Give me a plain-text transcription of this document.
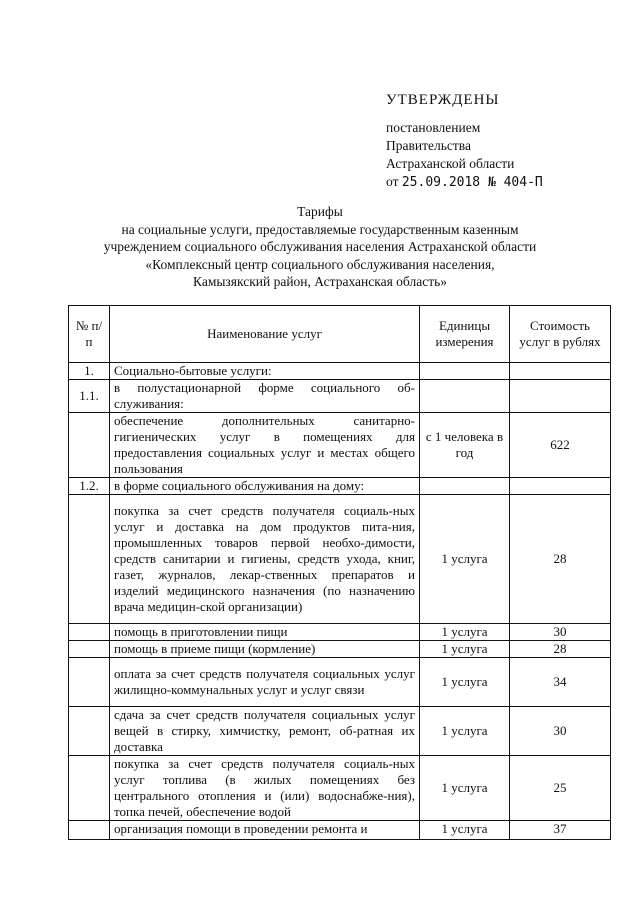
УТВЕРЖДЕНЫ
постановлением
Правительства
Астраханской области
от 25.09.2018 № 404-П
Тарифы
на социальные услуги, предоставляемые государственным казенным
учреждением социального обслуживания населения Астраханской области
«Комплексный центр социального обслуживания населения,
Камызякский район, Астраханская область»
№ п/п	Наименование услуг	Единицы измерения	Стоимость услуг в рублях
1.	Социально-бытовые услуги:		
1.1.	в полустационарной форме социального об-служивания:		
	обеспечение дополнительных санитарно-гигиенических услуг в помещениях для предоставления социальных услуг и местах общего пользования	с 1 человека в год	622
1.2.	в форме социального обслуживания на дому:		
	покупка за счет средств получателя социаль-ных услуг и доставка на дом продуктов пита-ния, промышленных товаров первой необхо-димости, средств санитарии и гигиены, средств ухода, книг, газет, журналов, лекар-ственных препаратов и изделий медицинского назначения (по назначению врача медицин-ской организации)	1 услуга	28
	помощь в приготовлении пищи	1 услуга	30
	помощь в приеме пищи (кормление)	1 услуга	28
	оплата за счет средств получателя социальных услуг жилищно-коммунальных услуг и услуг связи	1 услуга	34
	сдача за счет средств получателя социальных услуг вещей в стирку, химчистку, ремонт, об-ратная их доставка	1 услуга	30
	покупка за счет средств получателя социаль-ных услуг топлива (в жилых помещениях без центрального отопления и (или) водоснабже-ния), топка печей, обеспечение водой	1 услуга	25
	организация помощи в проведении ремонта и	1 услуга	37
